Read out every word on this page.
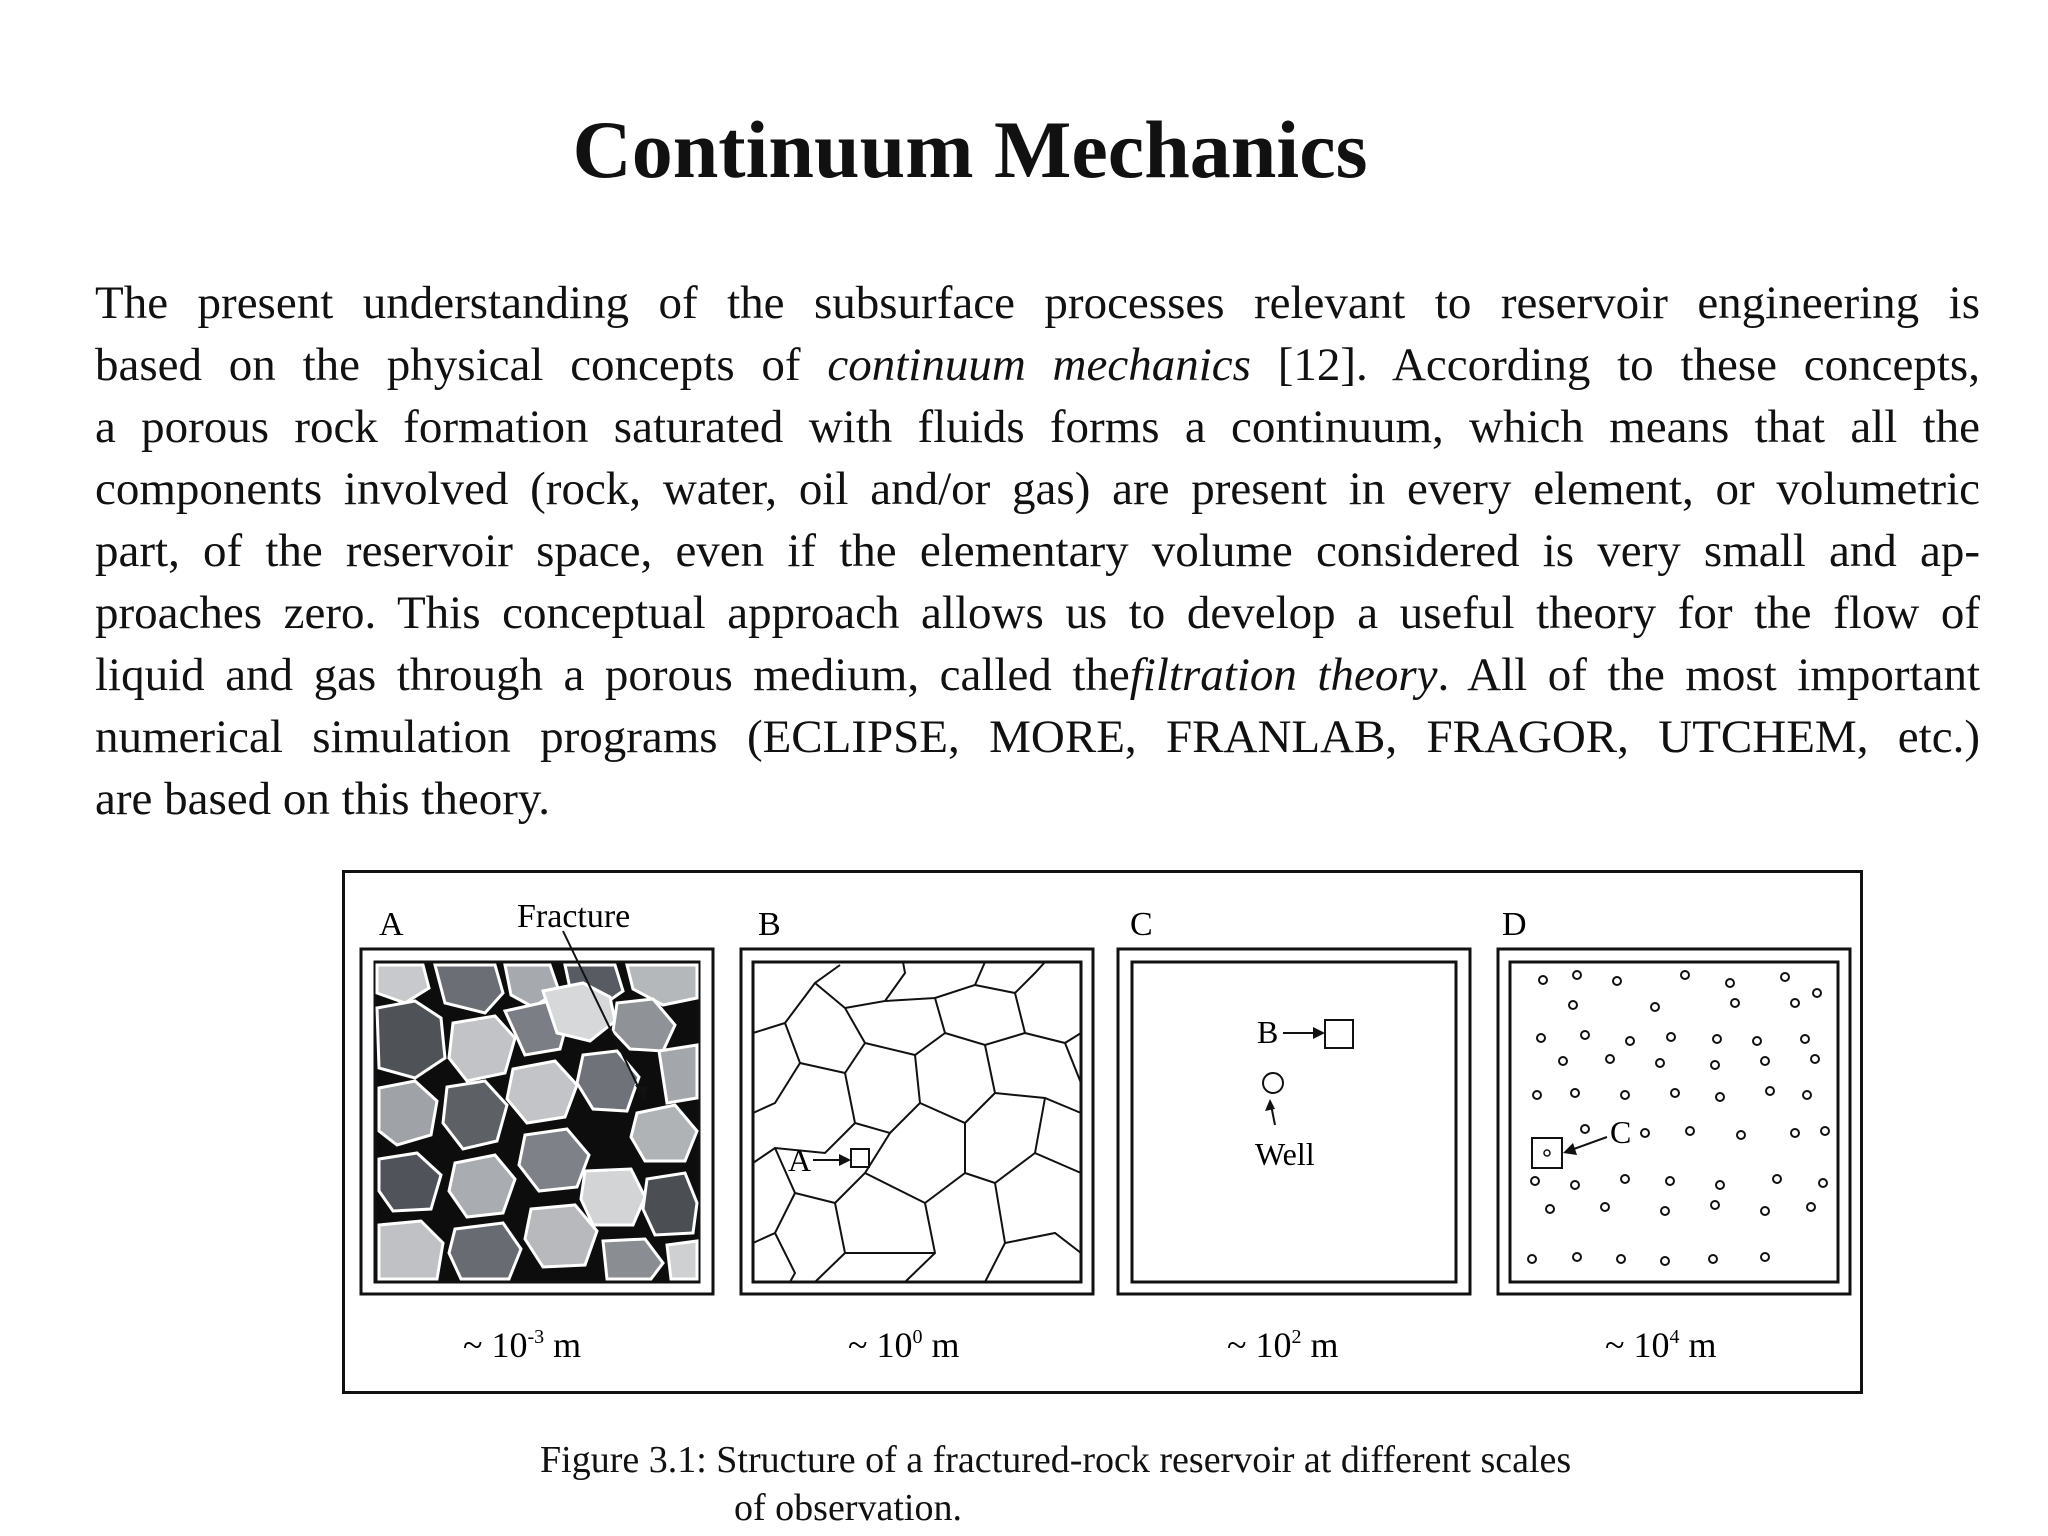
Continuum Mechanics

The present understanding of the subsurface processes relevant to reservoir engineering is
based on the physical concepts of continuum mechanics [12]. According to these concepts,
a porous rock formation saturated with fluids forms a continuum, which means that all the
components involved (rock, water, oil and/or gas) are present in every element, or volumetric
part, of the reservoir space, even if the elementary volume considered is very small and ap-
proaches zero. This conceptual approach allows us to develop a useful theory for the flow of
liquid and gas through a porous medium, called thefiltration theory. All of the most important
numerical simulation programs (ECLIPSE, MORE, FRANLAB, FRAGOR, UTCHEM, etc.)
are based on this theory.

A	B	C	D
Fracture
A
B
Well
C
~ $10^{-3}$ m	~ $10^0$ m	~ $10^2$ m	~ $10^4$ m

Figure 3.1: Structure of a fractured-rock reservoir at different scales
of observation.
